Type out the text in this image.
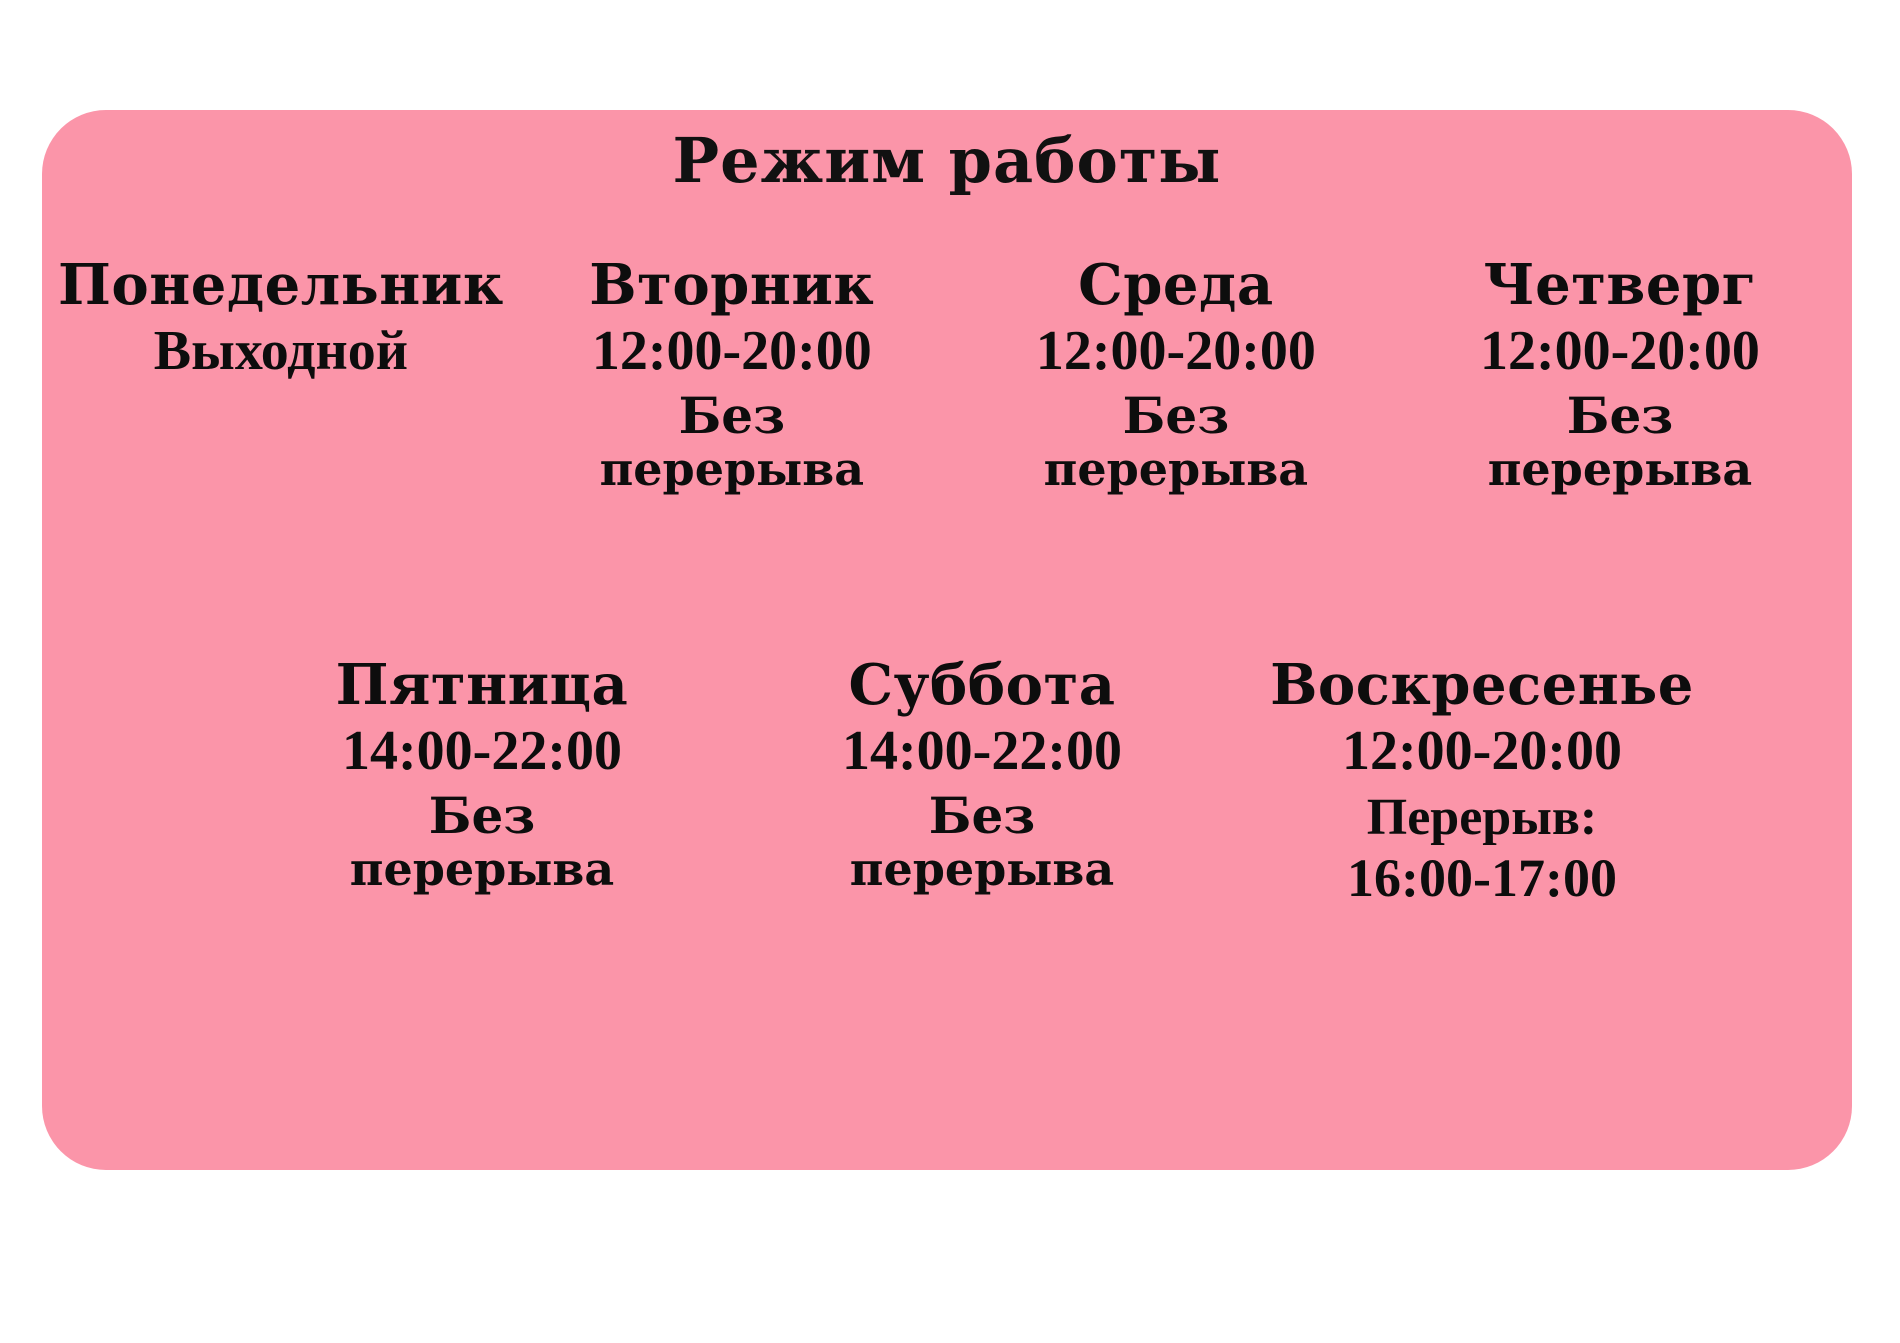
Режим работы
Понедельник
Выходной
Вторник
12:00-20:00
Без
перерыва
Среда
12:00-20:00
Без
перерыва
Четверг
12:00-20:00
Без
перерыва
Пятница
14:00-22:00
Без
перерыва
Суббота
14:00-22:00
Без
перерыва
Воскресенье
12:00-20:00
Перерыв:
16:00-17:00
